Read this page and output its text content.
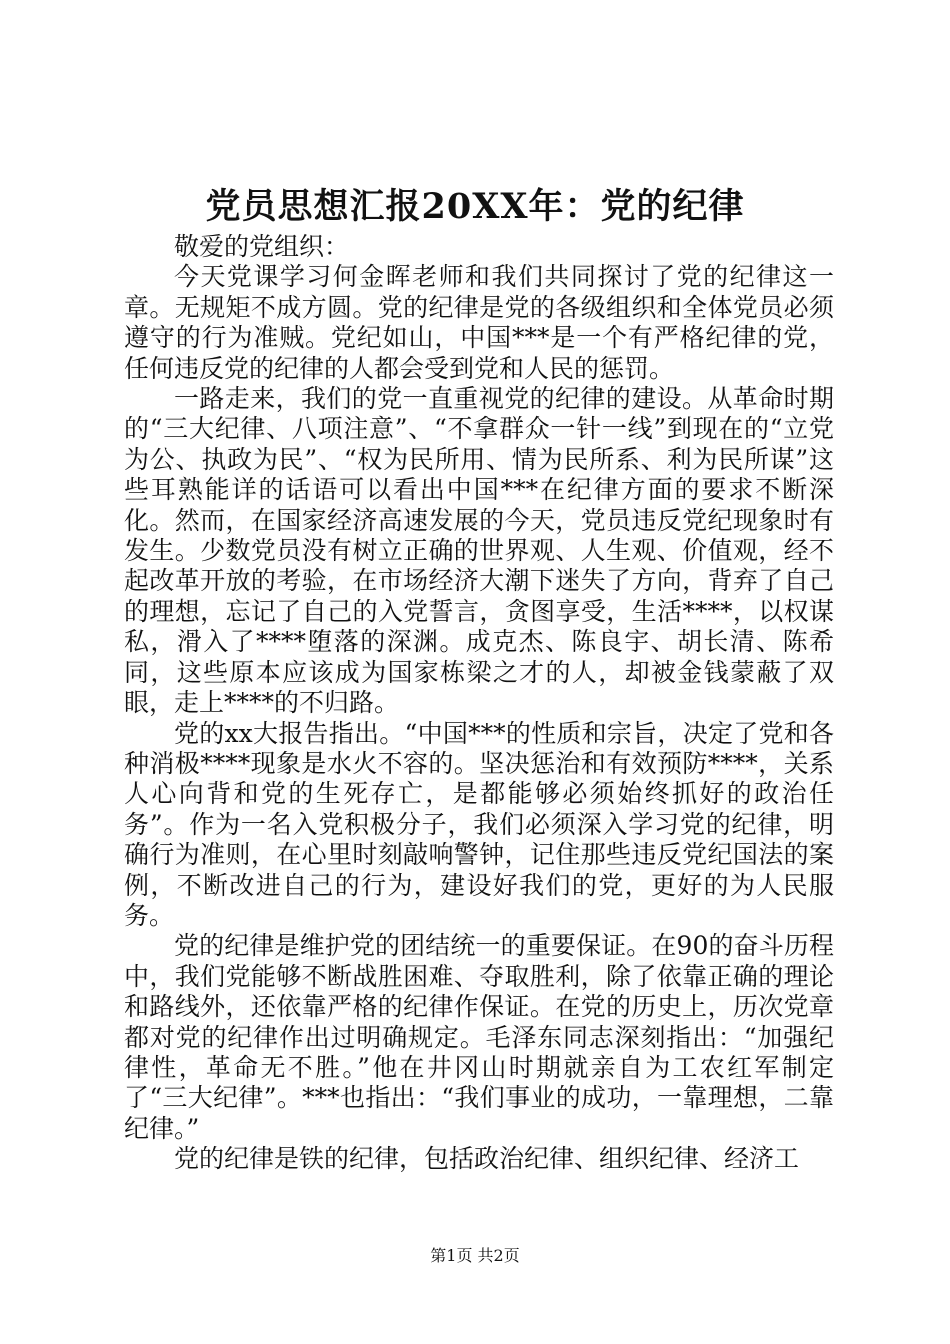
党员思想汇报20XX年：党的纪律

敬爱的党组织：

今天党课学习何金晖老师和我们共同探讨了党的纪律这一章。无规矩不成方圆。党的纪律是党的各级组织和全体党员必须遵守的行为准贼。党纪如山，中国***是一个有严格纪律的党，任何违反党的纪律的人都会受到党和人民的惩罚。

一路走来，我们的党一直重视党的纪律的建设。从革命时期的“三大纪律、八项注意”、“不拿群众一针一线”到现在的“立党为公、执政为民”、“权为民所用、情为民所系、利为民所谋”这些耳熟能详的话语可以看出中国***在纪律方面的要求不断深化。然而，在国家经济高速发展的今天，党员违反党纪现象时有发生。少数党员没有树立正确的世界观、人生观、价值观，经不起改革开放的考验，在市场经济大潮下迷失了方向，背弃了自己的理想，忘记了自己的入党誓言，贪图享受，生活****，以权谋私，滑入了****堕落的深渊。成克杰、陈良宇、胡长清、陈希同，这些原本应该成为国家栋梁之才的人，却被金钱蒙蔽了双眼，走上****的不归路。

党的xx大报告指出。“中国***的性质和宗旨，决定了党和各种消极****现象是水火不容的。坚决惩治和有效预防****，关系人心向背和党的生死存亡，是都能够必须始终抓好的政治任务”。作为一名入党积极分子，我们必须深入学习党的纪律，明确行为准则，在心里时刻敲响警钟，记住那些违反党纪国法的案例，不断改进自己的行为，建设好我们的党，更好的为人民服务。

党的纪律是维护党的团结统一的重要保证。在90的奋斗历程中，我们党能够不断战胜困难、夺取胜利，除了依靠正确的理论和路线外，还依靠严格的纪律作保证。在党的历史上，历次党章都对党的纪律作出过明确规定。毛泽东同志深刻指出：“加强纪律性，革命无不胜。”他在井冈山时期就亲自为工农红军制定了“三大纪律”。***也指出：“我们事业的成功，一靠理想，二靠纪律。”

党的纪律是铁的纪律，包括政治纪律、组织纪律、经济工

第1页 共2页
